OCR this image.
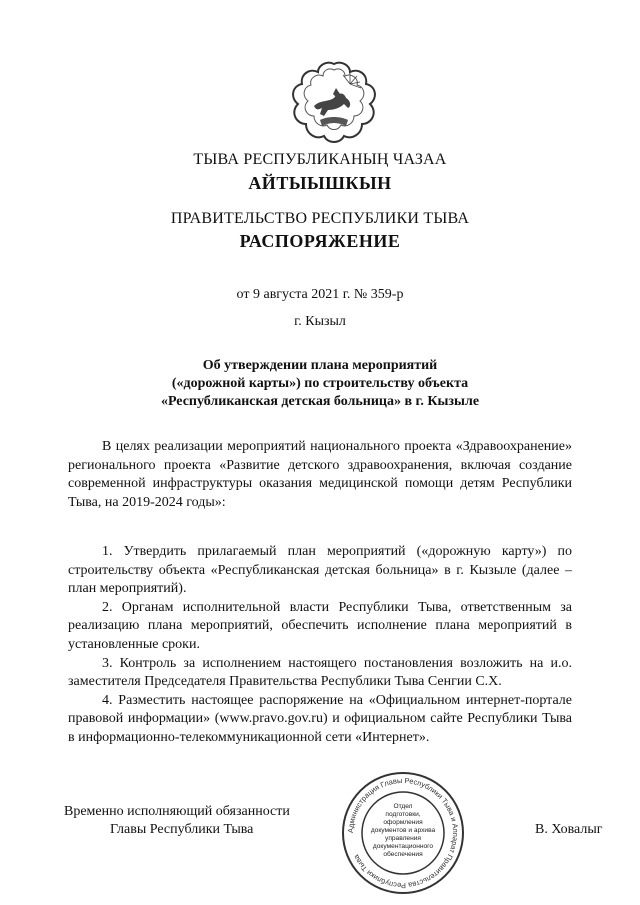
ТЫВА РЕСПУБЛИКАНЫҢ ЧАЗАА
АЙТЫЫШКЫН
ПРАВИТЕЛЬСТВО РЕСПУБЛИКИ ТЫВА
РАСПОРЯЖЕНИЕ
от 9 августа 2021 г. № 359-р
г. Кызыл
Об утверждении плана мероприятий
(«дорожной карты») по строительству объекта
«Республиканская детская больница» в г. Кызыле

В целях реализации мероприятий национального проекта «Здравоохранение» регионального проекта «Развитие детского здравоохранения, включая создание современной инфраструктуры оказания медицинской помощи детям Республики Тыва, на 2019-2024 годы»:

1. Утвердить прилагаемый план мероприятий («дорожную карту») по строительству объекта «Республиканская детская больница» в г. Кызыле (далее – план мероприятий).

2. Органам исполнительной власти Республики Тыва, ответственным за реализацию плана мероприятий, обеспечить исполнение плана мероприятий в установленные сроки.

3. Контроль за исполнением настоящего постановления возложить на и.о. заместителя Председателя Правительства Республики Тыва Сенгии С.Х.

4. Разместить настоящее распоряжение на «Официальном интернет-портале правовой информации» (www.pravo.gov.ru) и официальном сайте Республики Тыва в информационно-телекоммуникационной сети «Интернет».

Временно исполняющий обязанности
Главы Республики Тыва	В. Ховалыг
Администрация Главы Республики Тыва и Аппарат Правительства Республики Тыва
Отдел
подготовки,
оформления
документов и архива
управления
документационного
обеспечения
